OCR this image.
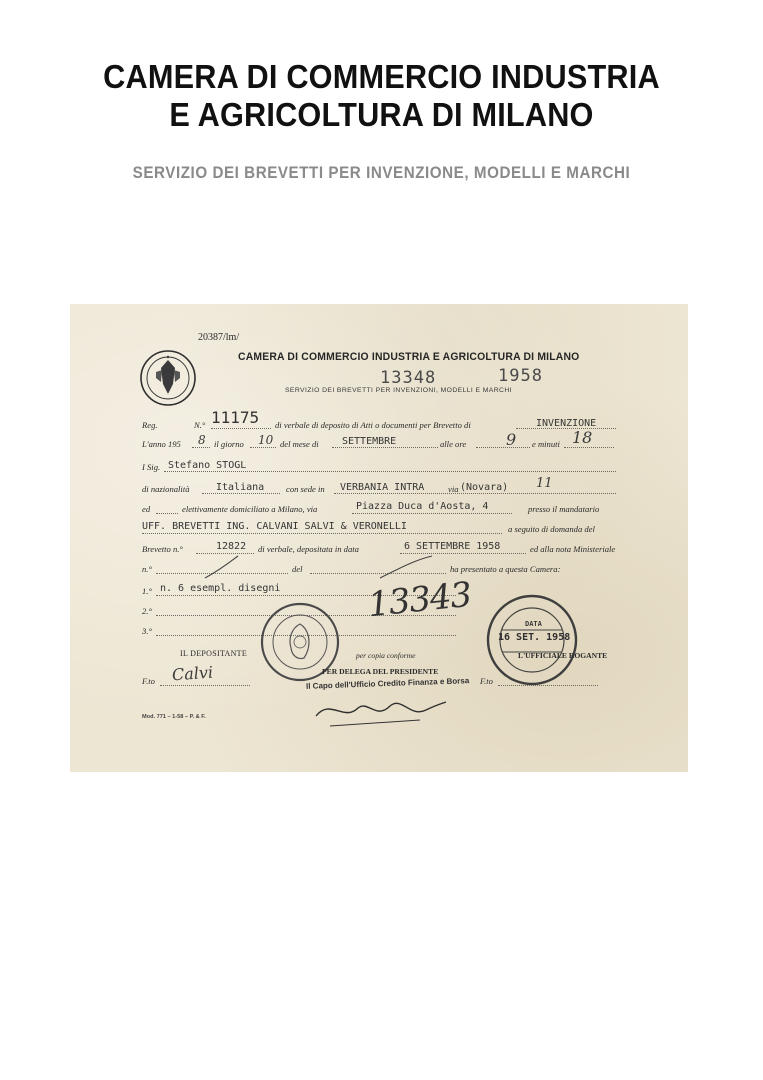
CAMERA DI COMMERCIO INDUSTRIA
E AGRICOLTURA DI MILANO
SERVIZIO DEI BREVETTI PER INVENZIONE, MODELLI E MARCHI
20387/lm/
CAMERA DI COMMERCIO INDUSTRIA E AGRICOLTURA DI MILANO
13348	1958
SERVIZIO DEI BREVETTI PER INVENZIONI, MODELLI E MARCHI
Reg.	N.° 11175 di verbale di deposito di Atti o documenti per Brevetto di	INVENZIONE
L'anno 195 8 il giorno 10 del mese di SETTEMBRE	alle ore 9 e minuti 18
I Sig. Stefano STOGL
di nazionalità	Italiana	con sede in VERBANIA INTRA	via (Novara) 11
ed	elettivamente domiciliato a Milano, via	Piazza Duca d'Aosta, 4	presso il mandatario
UFF. BREVETTI ING. CALVANI SALVI & VERONELLI	a seguito di domanda del
Brevetto n.°	12822 di verbale, depositata in data	6 SETTEMBRE 1958	ed alla nota Ministeriale
n.°	del	ha presentato a questa Camera:
1.° n. 6 esempl. disegni
2.°
3.°
13343	DATA
16 SET. 1958
IL DEPOSITANTE
F.to Calvi
per copia conforme
PER DELEGA DEL PRESIDENTE
Il Capo dell'Ufficio Credito Finanza e Borsa
L'UFFICIALE ROGANTE
F.to
Mod. 771 – 1-58 – P. & F.
